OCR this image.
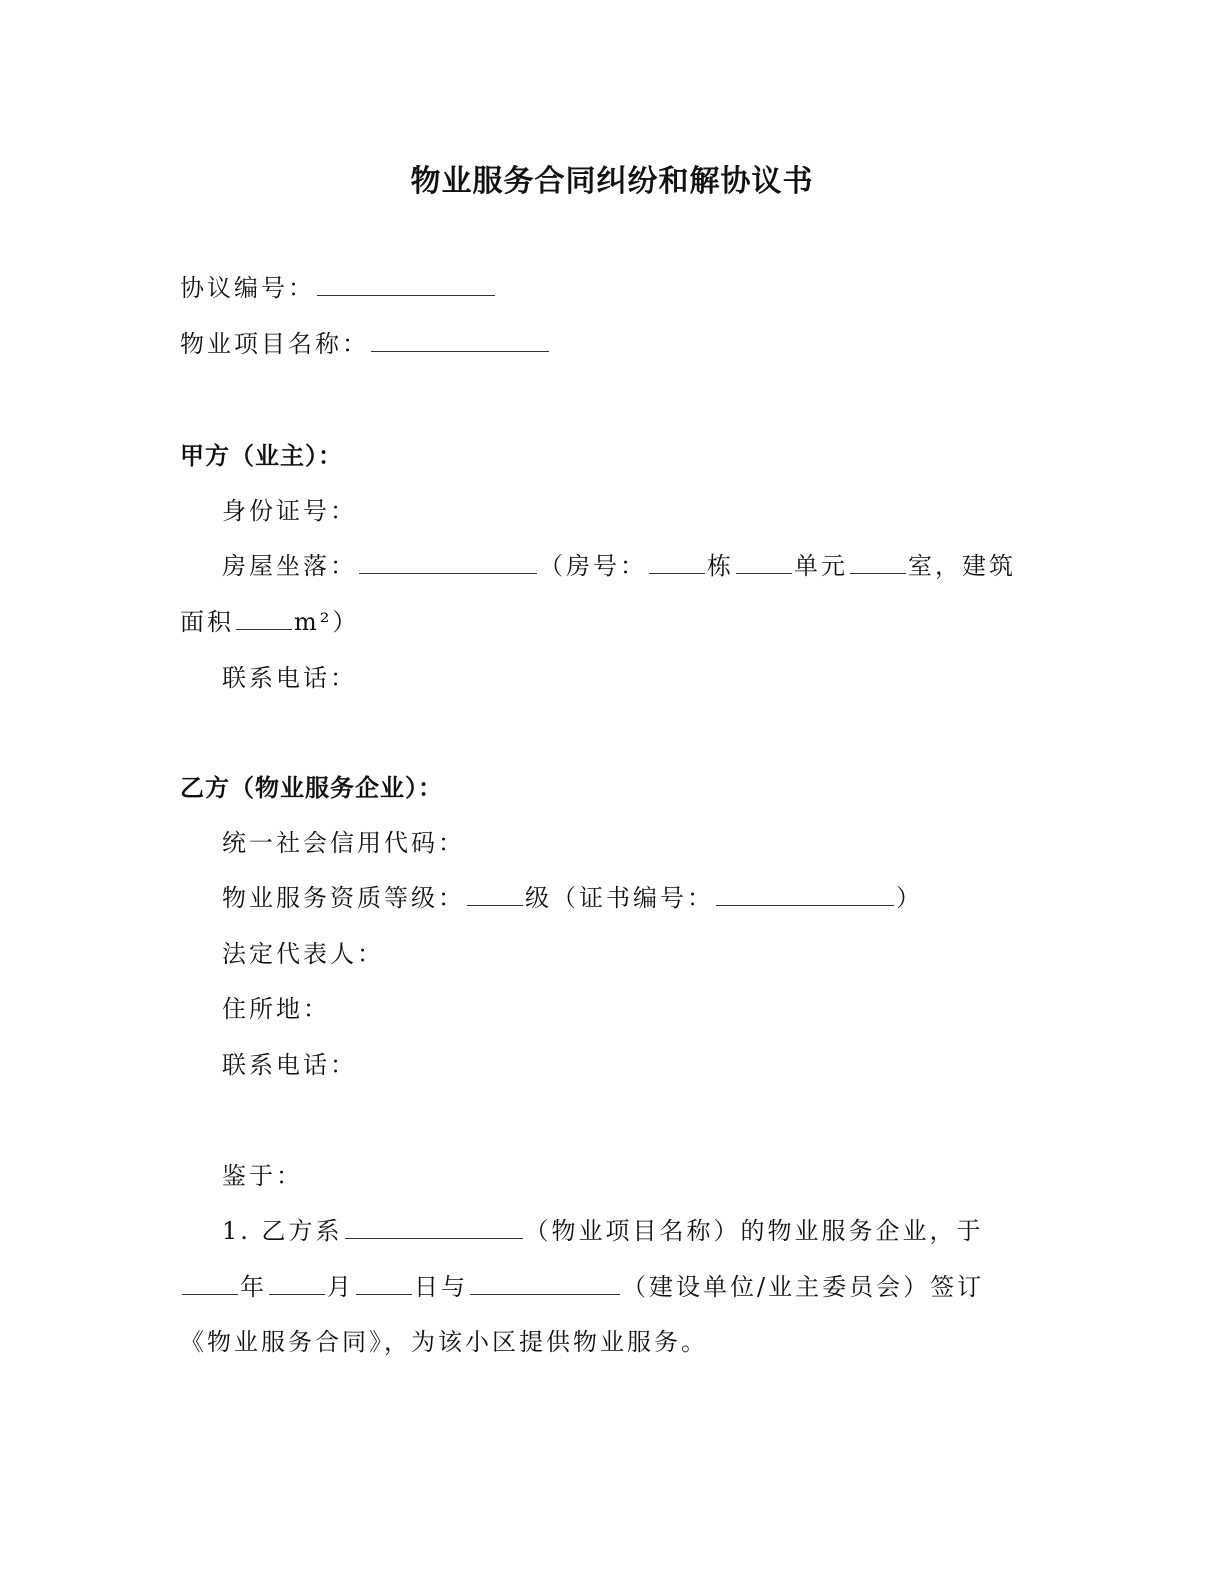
物业服务合同纠纷和解协议书
协议编号：
物业项目名称：
甲方（业主）：
身份证号：
房屋坐落：	（房号：	栋	单元	室，建筑
面积	m²）
联系电话：
乙方（物业服务企业）：
统一社会信用代码：
物业服务资质等级：	级（证书编号：	）
法定代表人：
住所地：
联系电话：
鉴于：
1. 乙方系	（物业项目名称）的物业服务企业，于
年	月	日与	（建设单位/业主委员会）签订
《物业服务合同》，为该小区提供物业服务。
